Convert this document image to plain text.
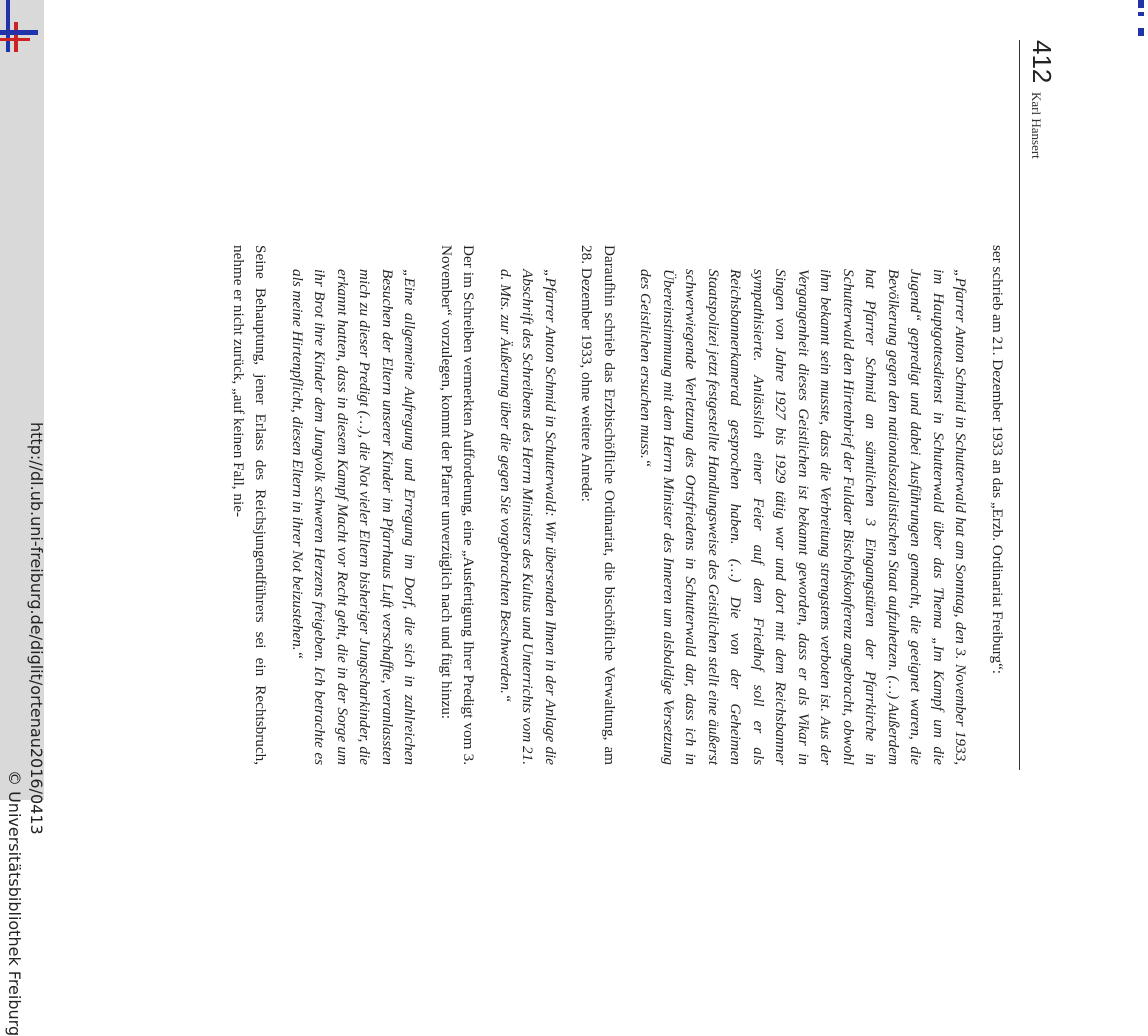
http://dl.ub.uni-freiburg.de/diglit/ortenau2016/0413
© Universitätsbibliothek Freiburg
412
Karl Hansert

ser schrieb am 21. Dezember 1933 an das „Erzb. Ordinariat Freiburg“:

„Pfarrer Anton Schmid in Schutterwald hat am Sonntag, den 3. November 1933, im Hauptgottesdienst in Schutterwald über das Thema „Im Kampf um die Jugend“ gepredigt und dabei Ausführungen gemacht, die geeignet waren, die Bevölkerung gegen den nationalsozialistischen Staat aufzuhetzen. (…) Außerdem hat Pfarrer Schmid an sämtlichen 3 Eingangstüren der Pfarrkirche in Schutterwald den Hirtenbrief der Fuldaer Bischofskonferenz angebracht, obwohl ihm bekannt sein musste, dass die Verbreitung strengstens verboten ist. Aus der Vergangenheit dieses Geistlichen ist bekannt geworden, dass er als Vikar in Singen von Jahre 1927 bis 1929 tätig war und dort mit dem Reichsbanner sympathisierte. Anlässlich einer Feier auf dem Friedhof soll er als Reichsbannerkamerad gesprochen haben. (…) Die von der Geheimen Staatspolizei jetzt festgestellte Handlungsweise des Geistlichen stellt eine äußerst schwerwiegende Verletzung des Ortsfriedens in Schutterwald dar, dass ich in Übereinstimmung mit dem Herrn Minister des Inneren um alsbaldige Versetzung des Geistlichen ersuchen muss.“

Daraufhin schrieb das Erzbischöfliche Ordinariat, die bischöfliche Verwaltung, am 28. Dezember 1933, ohne weitere Anrede:

„Pfarrer Anton Schmid in Schutterwald: Wir übersenden Ihnen in der Anlage die Abschrift des Schreibens des Herrn Ministers des Kultus und Unterrichts vom 21. d. Mts. zur Äußerung über die gegen Sie vorgebrachten Beschwerden.“

Der im Schreiben vermerkten Aufforderung, eine „Ausfertigung Ihrer Predigt vom 3. November“ vorzulegen, kommt der Pfarrer unverzüglich nach und fügt hinzu:

„Eine allgemeine Aufregung und Erregung im Dorf, die sich in zahlreichen Besuchen der Eltern unserer Kinder im Pfarrhaus Luft verschaffte, veranlassten mich zu dieser Predigt (…), die Not vieler Eltern bisheriger Jungscharkinder, die erkannt hatten, dass in diesem Kampf Macht vor Recht geht, die in der Sorge um ihr Brot ihre Kinder dem Jungvolk schweren Herzens freigeben. Ich betrachte es als meine Hirtenpflicht, diesen Eltern in ihrer Not beizustehen.“

Seine Behauptung, jener Erlass des Reichsjungendführers sei ein Rechtsbruch, nehme er nicht zurück, „auf keinen Fall, nie-
